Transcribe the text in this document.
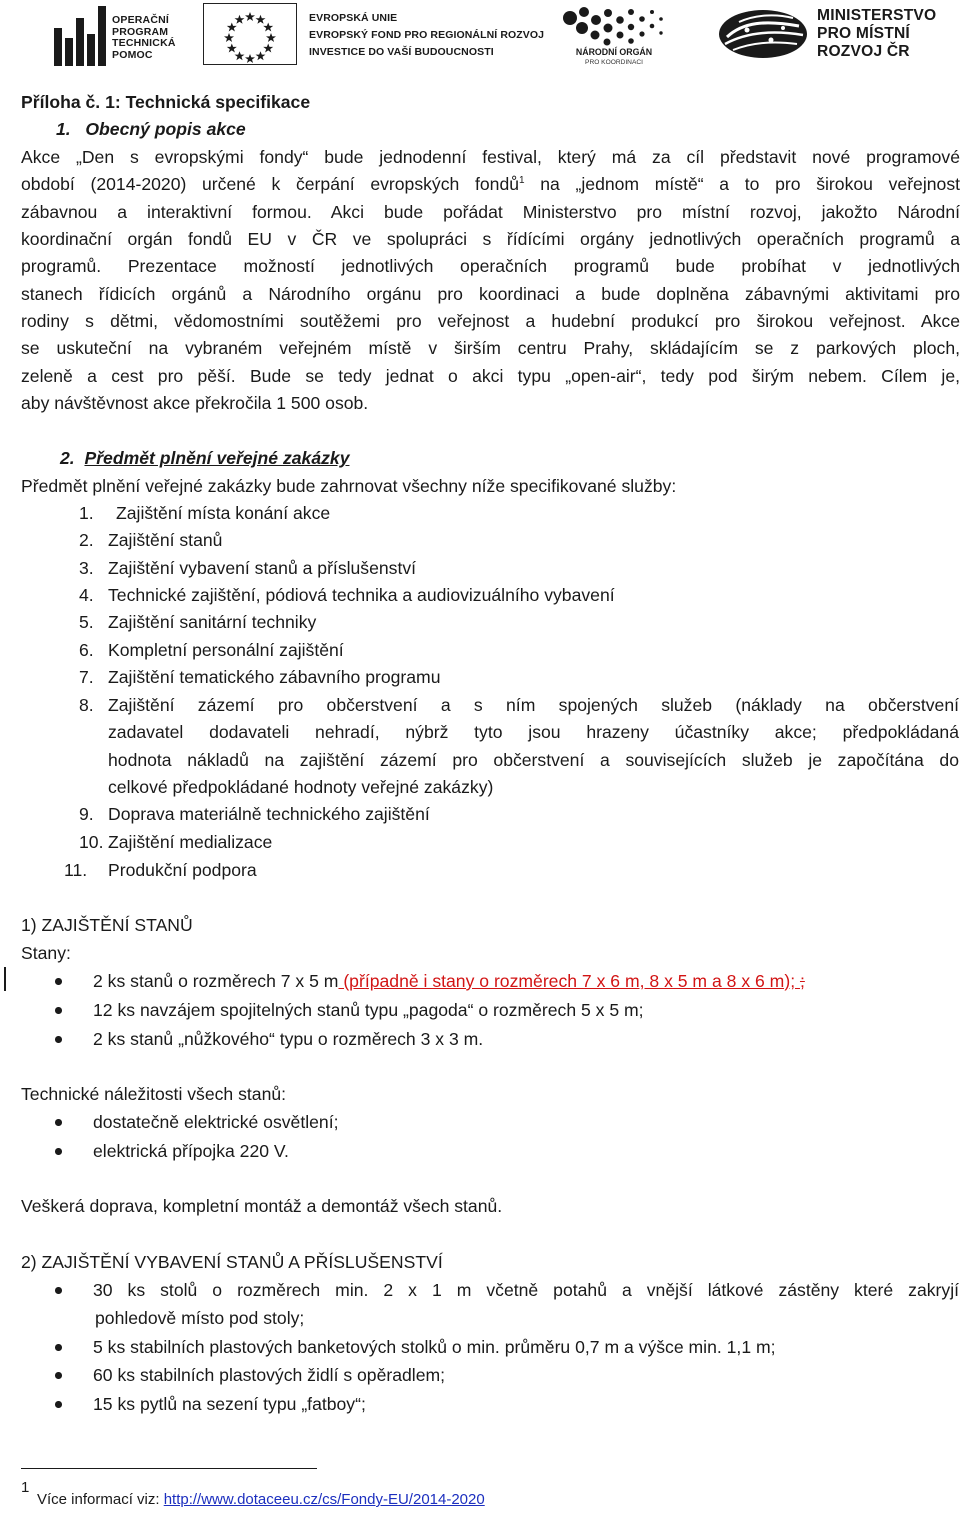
OPERAČNÍ
PROGRAM
TECHNICKÁ
POMOC
EVROPSKÁ UNIE
EVROPSKÝ FOND PRO REGIONÁLNÍ ROZVOJ
INVESTICE DO VAŠÍ BUDOUCNOSTI	NÁRODNÍ ORGÁN
PRO KOORDINACI
MINISTERSTVO
PRO MÍSTNÍ
ROZVOJ ČR
Příloha č. 1: Technická specifikace
1. Obecný popis akce
Akce „Den s evropskými fondy“ bude jednodenní festival, který má za cíl představit nové programové
období (2014-2020) určené k čerpání evropských fondů$^1$ na „jednom místě“ a to pro širokou veřejnost
zábavnou a interaktivní formou. Akci bude pořádat Ministerstvo pro místní rozvoj, jakožto Národní
koordinační orgán fondů EU v ČR ve spolupráci s řídícími orgány jednotlivých operačních programů a
programů. Prezentace možností jednotlivých operačních programů bude probíhat v jednotlivých
stanech řídicích orgánů a Národního orgánu pro koordinaci a bude doplněna zábavnými aktivitami pro
rodiny s dětmi, vědomostními soutěžemi pro veřejnost a hudební produkcí pro širokou veřejnost. Akce
se uskuteční na vybraném veřejném místě v širším centru Prahy, skládajícím se z parkových ploch,
zeleně a cest pro pěší. Bude se tedy jednat o akci typu „open-air“, tedy pod širým nebem. Cílem je,
aby návštěvnost akce překročila 1 500 osob.
2. Předmět plnění veřejné zakázky
Předmět plnění veřejné zakázky bude zahrnovat všechny níže specifikované služby:
1. Zajištění místa konání akce
2. Zajištění stanů
3. Zajištění vybavení stanů a příslušenství
4. Technické zajištění, pódiová technika a audiovizuálního vybavení
5. Zajištění sanitární techniky
6. Kompletní personální zajištění
7. Zajištění tematického zábavního programu
8. Zajištění zázemí pro občerstvení a s ním spojených služeb (náklady na občerstvení
zadavatel dodavateli nehradí, nýbrž tyto jsou hrazeny účastníky akce; předpokládaná
hodnota nákladů na zajištění zázemí pro občerstvení a souvisejících služeb je započítána do
celkové předpokládané hodnoty veřejné zakázky)
9. Doprava materiálně technického zajištění
10. Zajištění medializace
11. Produkční podpora
1) ZAJIŠTĚNÍ STANŮ
Stany:
2 ks stanů o rozměrech 7 x 5 m (případně i stany o rozměrech 7 x 6 m, 8 x 5 m a 8 x 6 m); ;
12 ks navzájem spojitelných stanů typu „pagoda“ o rozměrech 5 x 5 m;
2 ks stanů „nůžkového“ typu o rozměrech 3 x 3 m.
Technické náležitosti všech stanů:
dostatečně elektrické osvětlení;
elektrická přípojka 220 V.
Veškerá doprava, kompletní montáž a demontáž všech stanů.
2) ZAJIŠTĚNÍ VYBAVENÍ STANŮ A PŘÍSLUŠENSTVÍ
30 ks stolů o rozměrech min. 2 x 1 m včetně potahů a vnější látkové zástěny které zakryjí
pohledově místo pod stoly;
5 ks stabilních plastových banketových stolků o min. průměru 0,7 m a výšce min. 1,1 m;
60 ks stabilních plastových židlí s opěradlem;
15 ks pytlů na sezení typu „fatboy“;
1
Více informací viz: http://www.dotaceeu.cz/cs/Fondy-EU/2014-2020
